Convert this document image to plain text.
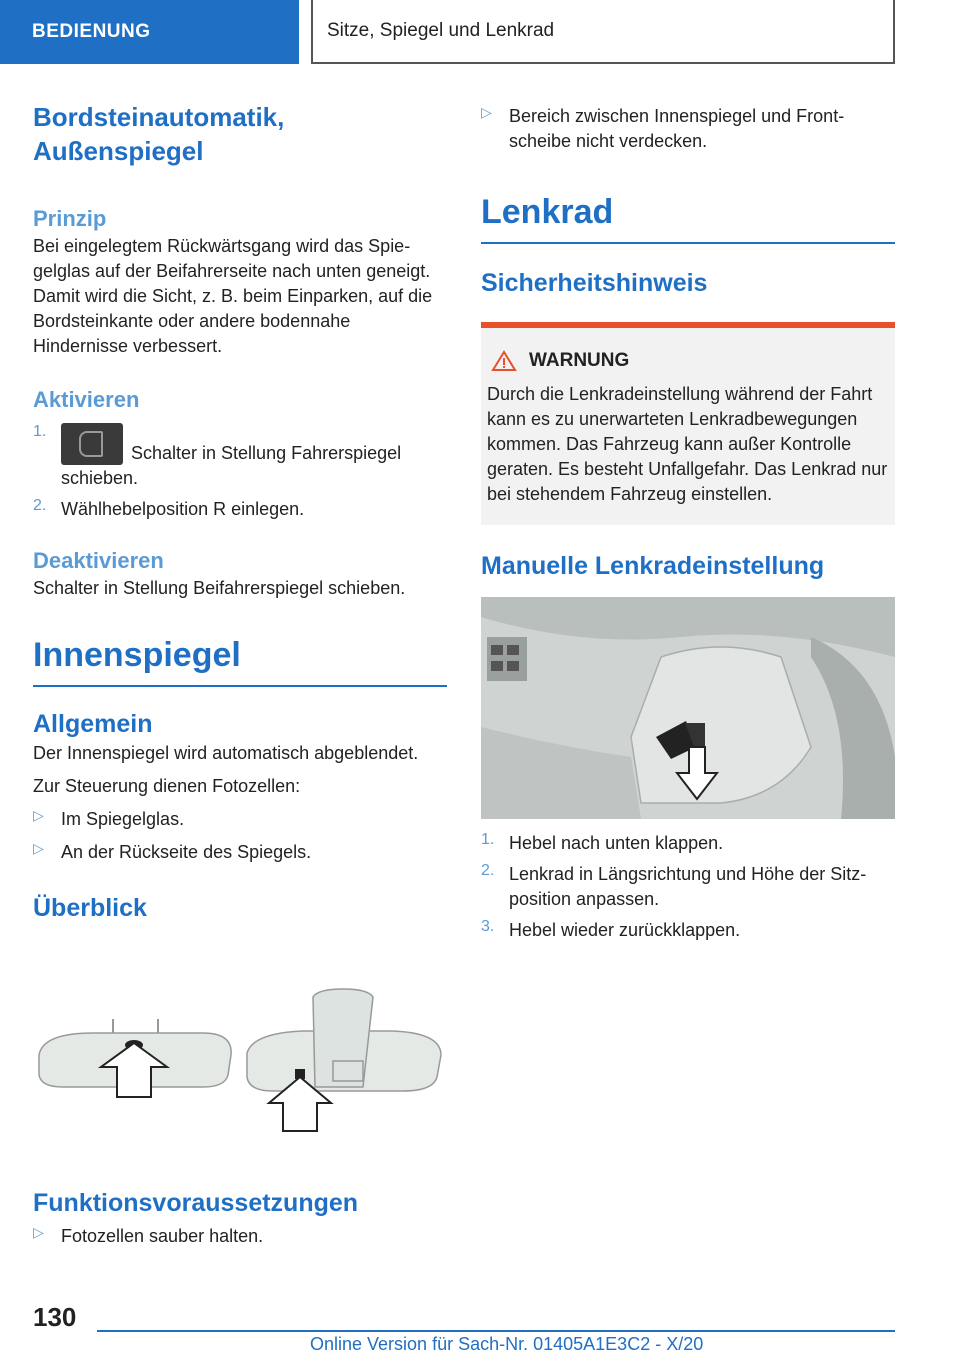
BEDIENUNG	Sitze, Spiegel und Lenkrad
Bordsteinautomatik,
Außenspiegel
Prinzip

Bei eingelegtem Rückwärtsgang wird das Spiegelglas auf der Beifahrerseite nach unten geneigt. Damit wird die Sicht, z. B. beim Einparken, auf die Bordsteinkante oder andere bodennahe Hindernisse verbessert.

Aktivieren
1.
Schalter in Stellung Fahrerspiegel schieben.
2. Wählhebelposition R einlegen.
Deaktivieren

Schalter in Stellung Beifahrerspiegel schieben.

Innenspiegel
Allgemein

Der Innenspiegel wird automatisch abgeblendet.

Zur Steuerung dienen Fotozellen:

▷ Im Spiegelglas.
▷ An der Rückseite des Spiegels.
Überblick
Funktionsvoraussetzungen
▷ Fotozellen sauber halten.
▷ Bereich zwischen Innenspiegel und Frontscheibe nicht verdecken.
Lenkrad
Sicherheitshinweis
WARNUNG

Durch die Lenkradeinstellung während der Fahrt kann es zu unerwarteten Lenkradbewegungen kommen. Das Fahrzeug kann außer Kontrolle geraten. Es besteht Unfallgefahr. Das Lenkrad nur bei stehendem Fahrzeug einstellen.

Manuelle Lenkradeinstellung
1. Hebel nach unten klappen.
2. Lenkrad in Längsrichtung und Höhe der Sitzposition anpassen.
3. Hebel wieder zurückklappen.
130
Online Version für Sach-Nr. 01405A1E3C2 - X/20
